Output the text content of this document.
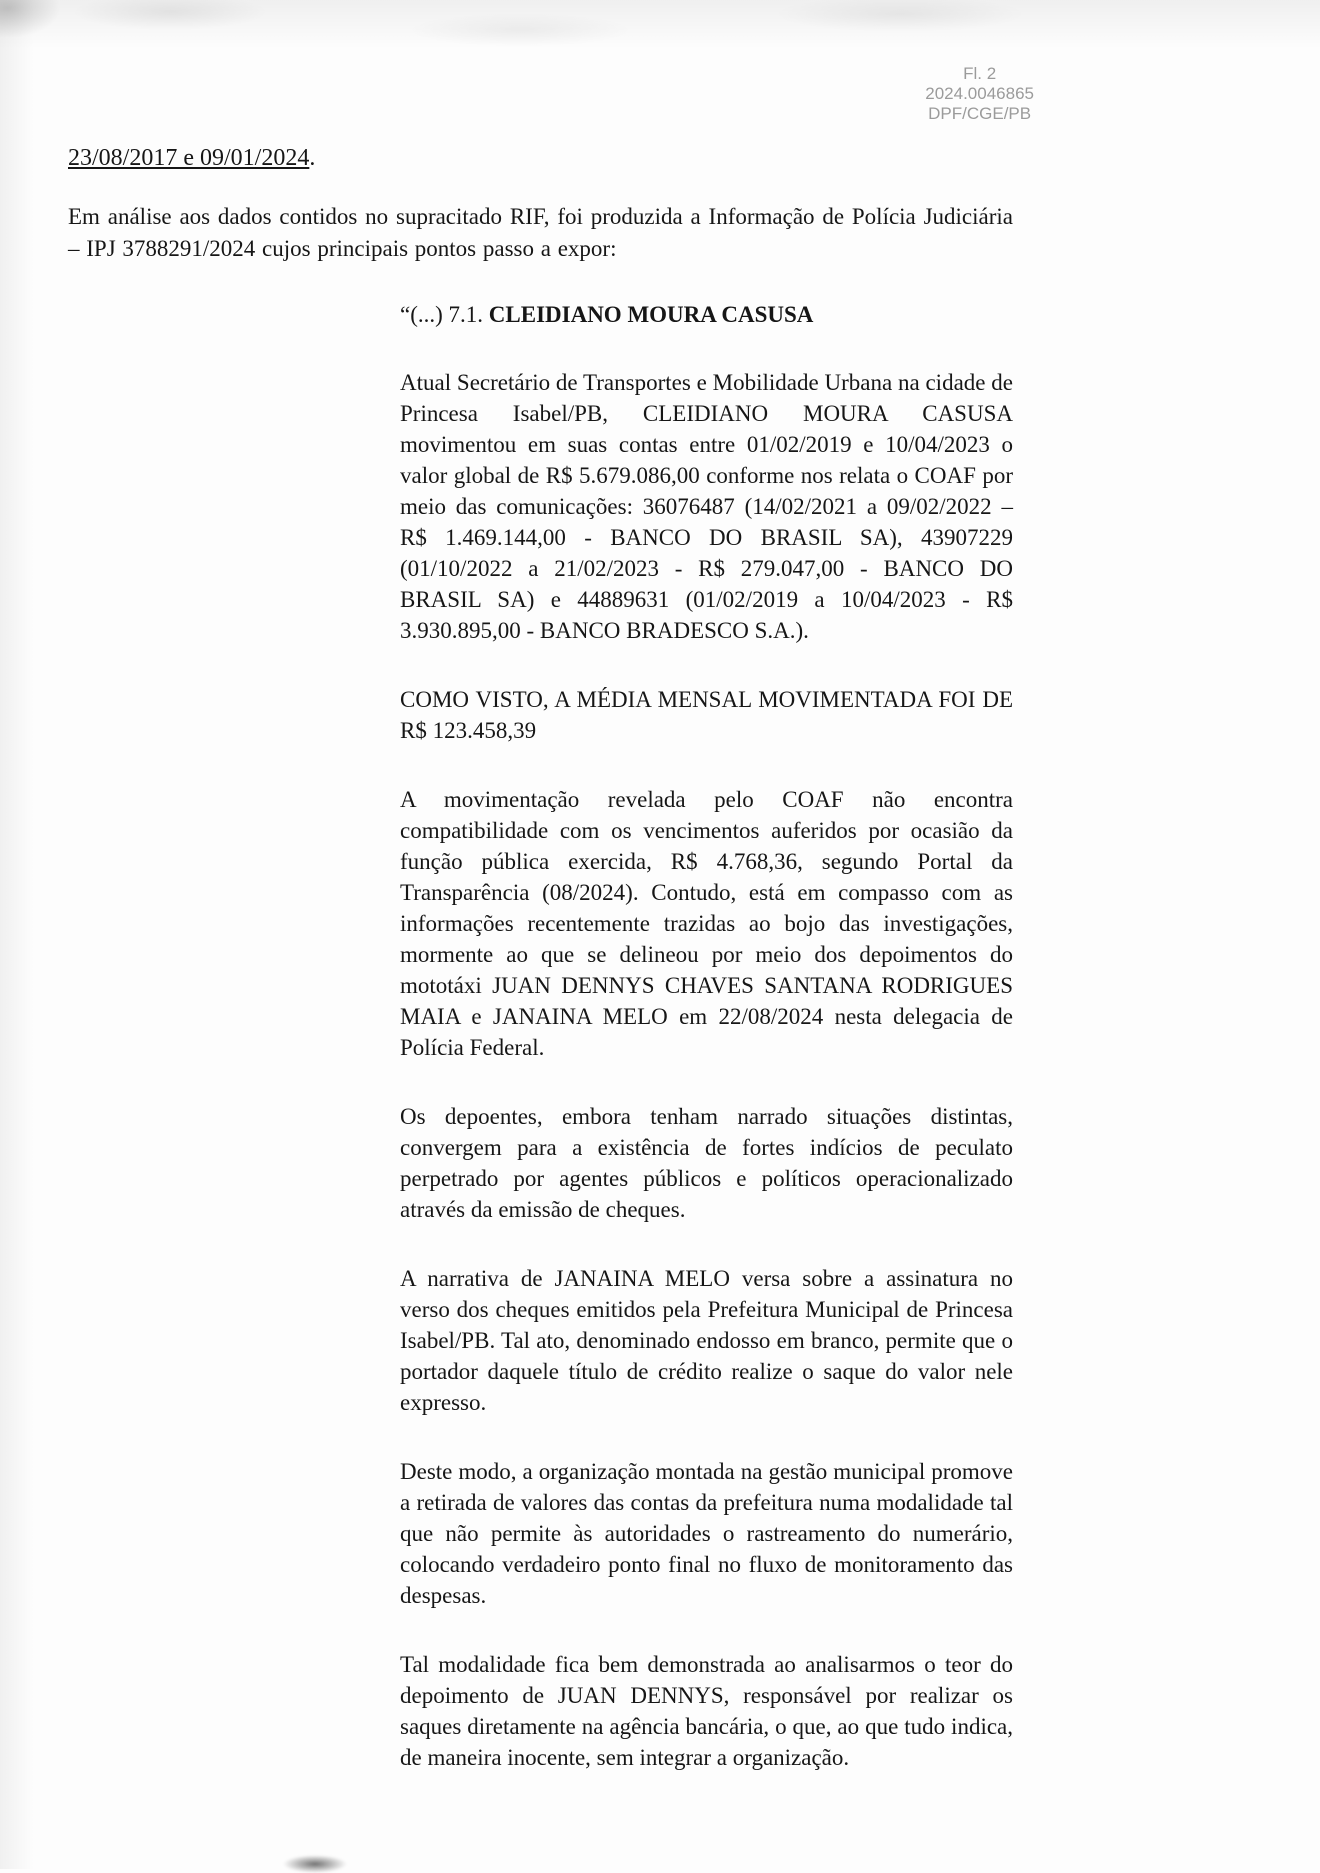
Fl. 2
2024.0046865
DPF/CGE/PB

23/08/2017 e 09/01/2024.

Em análise aos dados contidos no supracitado RIF, foi produzida a Informação de Polícia Judiciária – IPJ 3788291/2024 cujos principais pontos passo a expor:

“(...) 7.1. CLEIDIANO MOURA CASUSA

Atual Secretário de Transportes e Mobilidade Urbana na cidade de Princesa Isabel/PB, CLEIDIANO MOURA CASUSA movimentou em suas contas entre 01/02/2019 e 10/04/2023 o valor global de R$ 5.679.086,00 conforme nos relata o COAF por meio das comunicações: 36076487 (14/02/2021 a 09/02/2022 – R$ 1.469.144,00 - BANCO DO BRASIL SA), 43907229 (01/10/2022 a 21/02/2023 - R$ 279.047,00 - BANCO DO BRASIL SA) e 44889631 (01/02/2019 a 10/04/2023 - R$ 3.930.895,00 - BANCO BRADESCO S.A.).

COMO VISTO, A MÉDIA MENSAL MOVIMENTADA FOI DE R$ 123.458,39

A movimentação revelada pelo COAF não encontra compatibilidade com os vencimentos auferidos por ocasião da função pública exercida, R$ 4.768,36, segundo Portal da Transparência (08/2024). Contudo, está em compasso com as informações recentemente trazidas ao bojo das investigações, mormente ao que se delineou por meio dos depoimentos do mototáxi JUAN DENNYS CHAVES SANTANA RODRIGUES MAIA e JANAINA MELO em 22/08/2024 nesta delegacia de Polícia Federal.

Os depoentes, embora tenham narrado situações distintas, convergem para a existência de fortes indícios de peculato perpetrado por agentes públicos e políticos operacionalizado através da emissão de cheques.

A narrativa de JANAINA MELO versa sobre a assinatura no verso dos cheques emitidos pela Prefeitura Municipal de Princesa Isabel/PB. Tal ato, denominado endosso em branco, permite que o portador daquele título de crédito realize o saque do valor nele expresso.

Deste modo, a organização montada na gestão municipal promove a retirada de valores das contas da prefeitura numa modalidade tal que não permite às autoridades o rastreamento do numerário, colocando verdadeiro ponto final no fluxo de monitoramento das despesas.

Tal modalidade fica bem demonstrada ao analisarmos o teor do depoimento de JUAN DENNYS, responsável por realizar os saques diretamente na agência bancária, o que, ao que tudo indica, de maneira inocente, sem integrar a organização.
